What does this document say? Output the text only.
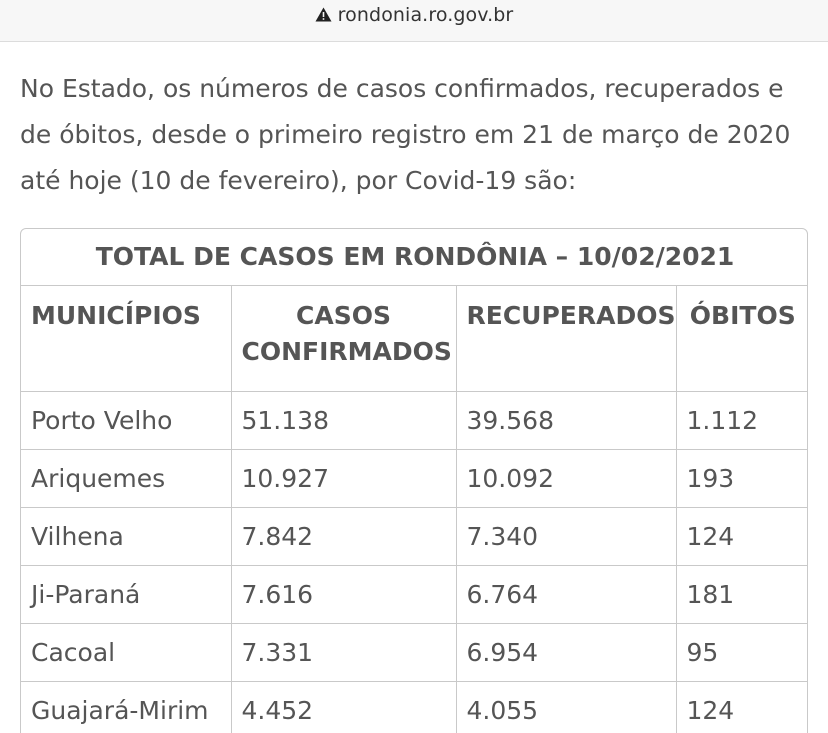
rondonia.ro.gov.br

No Estado, os números de casos confirmados, recuperados e de óbitos, desde o primeiro registro em 21 de março de 2020 até hoje (10 de fevereiro), por Covid-19 são:

TOTAL DE CASOS EM RONDÔNIA – 10/02/2021			
MUNICÍPIOS	CASOS CONFIRMADOS	RECUPERADOS	ÓBITOS
Porto Velho	51.138	39.568	1.112
Ariquemes	10.927	10.092	193
Vilhena	7.842	7.340	124
Ji-Paraná	7.616	6.764	181
Cacoal	7.331	6.954	95
Guajará-Mirim	4.452	4.055	124
